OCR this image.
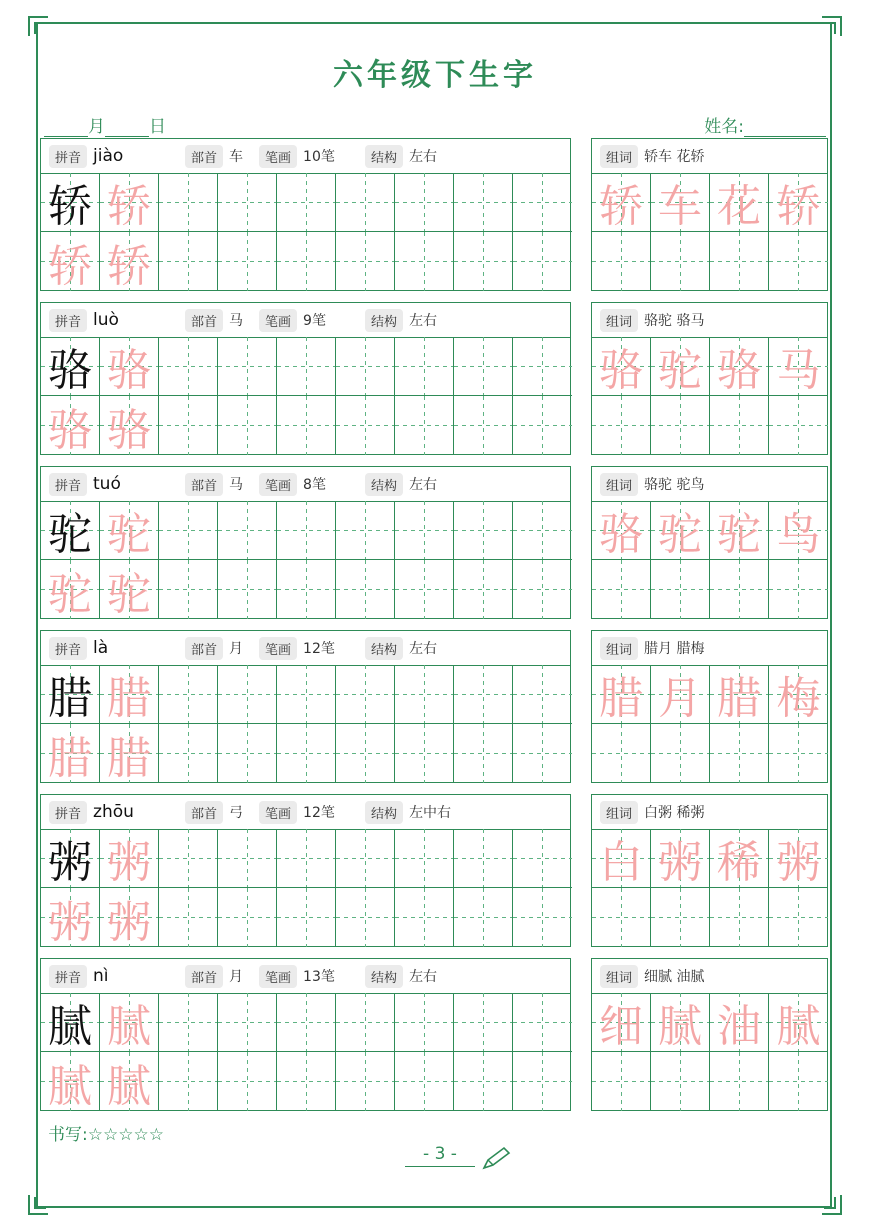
六年级下生字
月	日	姓名:
拼音 jiào	部首 车	笔画 10笔	结构 左右
轿 轿
轿 轿
组词 轿车 花轿
轿 车 花 轿
拼音 luò	部首 马	笔画 9笔	结构 左右
骆 骆
骆 骆
组词 骆驼 骆马
骆 驼 骆 马
拼音 tuó	部首 马	笔画 8笔	结构 左右
驼 驼
驼 驼
组词 骆驼 驼鸟
骆 驼 驼 鸟
拼音 là	部首 月	笔画 12笔	结构 左右
腊 腊
腊 腊
组词 腊月 腊梅
腊 月 腊 梅
拼音 zhōu	部首 弓	笔画 12笔	结构 左中右
粥 粥
粥 粥
组词 白粥 稀粥
白 粥 稀 粥
拼音 nì	部首 月	笔画 13笔	结构 左右
腻 腻
腻 腻
组词 细腻 油腻
细 腻 油 腻
书写:☆☆☆☆☆
- 3 -
